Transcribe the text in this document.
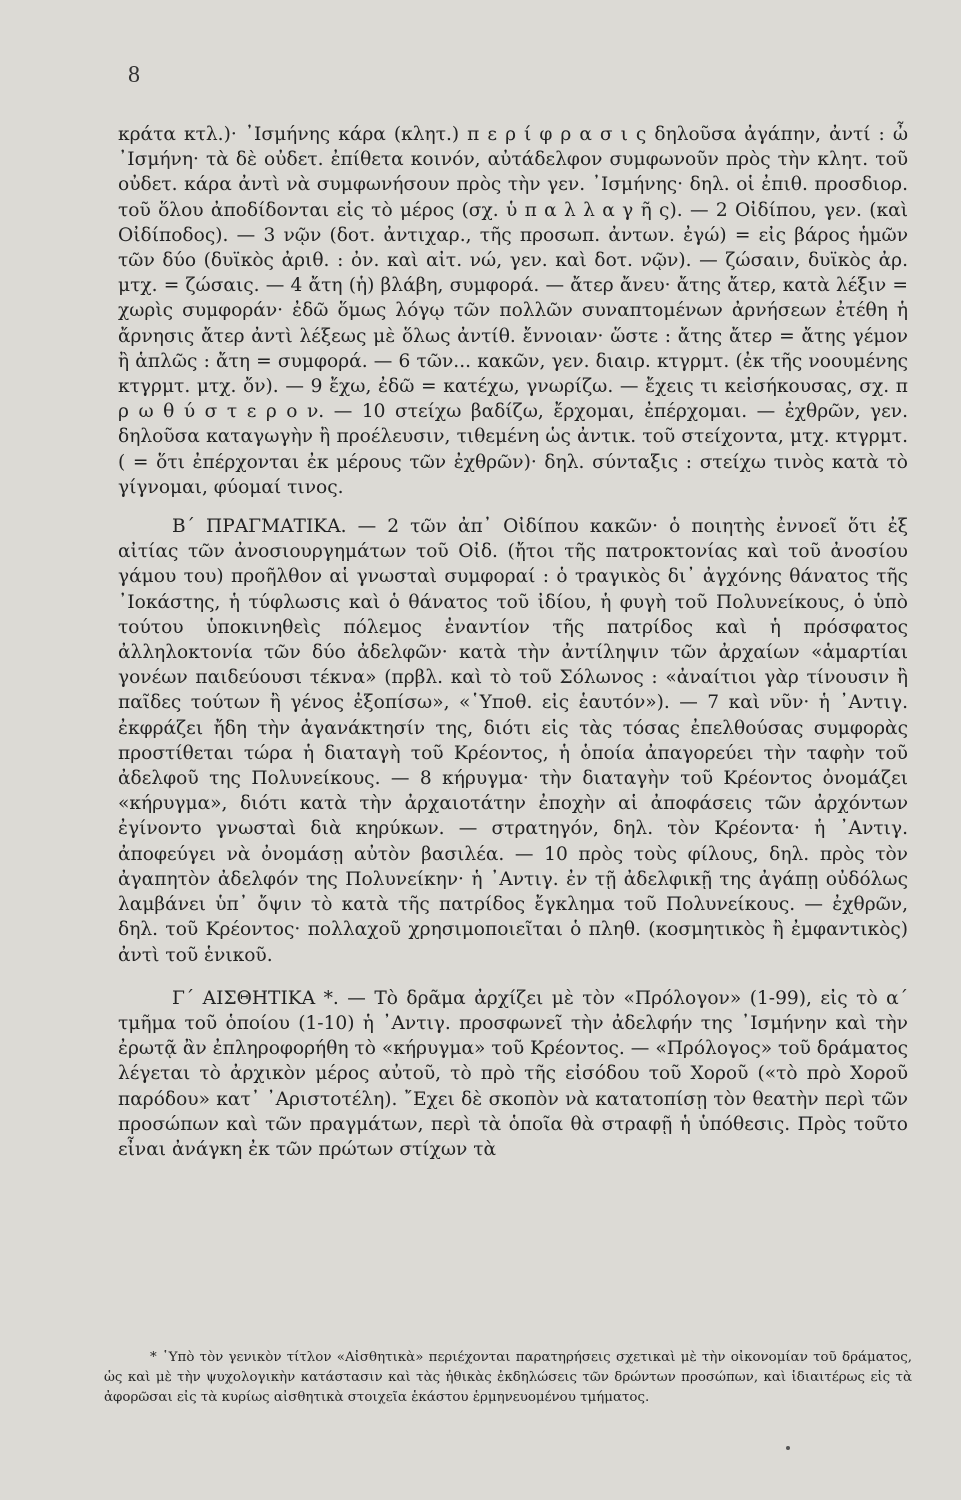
8

κράτα κτλ.)· ᾿Ισμήνης κάρα (κλητ.) π ε ρ ί φ ρ α σ ι ς δηλοῦσα ἀγάπην, ἀντί : ὦ ᾿Ισμήνη· τὰ δὲ οὐδετ. ἐπίθετα κοινόν, αὐτάδελφον συμφωνοῦν πρὸς τὴν κλητ. τοῦ οὐδετ. κάρα ἀντὶ νὰ συμφωνήσουν πρὸς τὴν γεν. ᾿Ισμήνης· δηλ. οἱ ἐπιθ. προσδιορ. τοῦ ὅλου ἀποδίδονται εἰς τὸ μέρος (σχ. ὑ π α λ λ α γ ῆ ς). — 2 Οἰδίπου, γεν. (καὶ Οἰδίποδος). — 3 νῷν (δοτ. ἀντιχαρ., τῆς προσωπ. ἀντων. ἐγώ) = εἰς βάρος ἡμῶν τῶν δύο (δυϊκὸς ἀριθ. : ὀν. καὶ αἰτ. νώ, γεν. καὶ δοτ. νῷν). — ζώσαιν, δυϊκὸς ἀρ. μτχ. = ζώσαις. — 4 ἄτη (ἡ) βλάβη, συμφορά. — ἄτερ ἄνευ· ἄτης ἄτερ, κατὰ λέξιν = χωρὶς συμφοράν· ἐδῶ ὅμως λόγῳ τῶν πολλῶν συναπτομένων ἀρνήσεων ἐτέθη ἡ ἄρνησις ἄτερ ἀντὶ λέξεως μὲ ὅλως ἀντίθ. ἔννοιαν· ὥστε : ἄτης ἄτερ = ἄτης γέμον ἢ ἁπλῶς : ἄτη = συμφορά. — 6 τῶν... κακῶν, γεν. διαιρ. κτγρμτ. (ἐκ τῆς νοουμένης κτγρμτ. μτχ. ὄν). — 9 ἔχω, ἐδῶ = κατέχω, γνωρίζω. — ἔχεις τι κεἰσήκουσας, σχ. π ρ ω θ ύ σ τ ε ρ ο ν. — 10 στείχω βαδίζω, ἔρχομαι, ἐπέρχομαι. — ἐχθρῶν, γεν. δηλοῦσα καταγωγὴν ἢ προέλευσιν, τιθεμένη ὡς ἀντικ. τοῦ στείχοντα, μτχ. κτγρμτ. ( = ὅτι ἐπέρχονται ἐκ μέρους τῶν ἐχθρῶν)· δηλ. σύνταξις : στείχω τινὸς κατὰ τὸ γίγνομαι, φύομαί τινος.

Β΄ ΠΡΑΓΜΑΤΙΚΑ. — 2 τῶν ἀπ᾿ Οἰδίπου κακῶν· ὁ ποιητὴς ἐννοεῖ ὅτι ἐξ αἰτίας τῶν ἀνοσιουργημάτων τοῦ Οἰδ. (ἤτοι τῆς πατροκτονίας καὶ τοῦ ἀνοσίου γάμου του) προῆλθον αἱ γνωσταὶ συμφοραί : ὁ τραγικὸς δι᾿ ἀγχόνης θάνατος τῆς ᾿Ιοκάστης, ἡ τύφλωσις καὶ ὁ θάνατος τοῦ ἰδίου, ἡ φυγὴ τοῦ Πολυνείκους, ὁ ὑπὸ τούτου ὑποκινηθεὶς πόλεμος ἐναντίον τῆς πατρίδος καὶ ἡ πρόσφατος ἀλληλοκτονία τῶν δύο ἀδελφῶν· κατὰ τὴν ἀντίληψιν τῶν ἀρχαίων «ἁμαρτίαι γονέων παιδεύουσι τέκνα» (πρβλ. καὶ τὸ τοῦ Σόλωνος : «ἀναίτιοι γὰρ τίνουσιν ἢ παῖδες τούτων ἢ γένος ἐξοπίσω», «῾Υποθ. εἰς ἑαυτόν»). — 7 καὶ νῦν· ἡ ᾿Αντιγ. ἐκφράζει ἤδη τὴν ἀγανάκτησίν της, διότι εἰς τὰς τόσας ἐπελθούσας συμφορὰς προστίθεται τώρα ἡ διαταγὴ τοῦ Κρέοντος, ἡ ὁποία ἀπαγορεύει τὴν ταφὴν τοῦ ἀδελφοῦ της Πολυνείκους. — 8 κήρυγμα· τὴν διαταγὴν τοῦ Κρέοντος ὀνομάζει «κήρυγμα», διότι κατὰ τὴν ἀρχαιοτάτην ἐποχὴν αἱ ἀποφάσεις τῶν ἀρχόντων ἐγίνοντο γνωσταὶ διὰ κηρύκων. — στρατηγόν, δηλ. τὸν Κρέοντα· ἡ ᾿Αντιγ. ἀποφεύγει νὰ ὀνομάσῃ αὐτὸν βασιλέα. — 10 πρὸς τοὺς φίλους, δηλ. πρὸς τὸν ἀγαπητὸν ἀδελφόν της Πολυνείκην· ἡ ᾿Αντιγ. ἐν τῇ ἀδελφικῇ της ἀγάπῃ οὐδόλως λαμβάνει ὑπ᾿ ὄψιν τὸ κατὰ τῆς πατρίδος ἔγκλημα τοῦ Πολυνείκους. — ἐχθρῶν, δηλ. τοῦ Κρέοντος· πολλαχοῦ χρησιμοποιεῖται ὁ πληθ. (κοσμητικὸς ἢ ἐμφαντικὸς) ἀντὶ τοῦ ἑνικοῦ.

Γ΄ ΑΙΣΘΗΤΙΚΑ *. — Τὸ δρᾶμα ἀρχίζει μὲ τὸν «Πρόλογον» (1-99), εἰς τὸ α΄ τμῆμα τοῦ ὁποίου (1-10) ἡ ᾿Αντιγ. προσφωνεῖ τὴν ἀδελφήν της ᾿Ισμήνην καὶ τὴν ἐρωτᾷ ἂν ἐπληροφορήθη τὸ «κήρυγμα» τοῦ Κρέοντος. — «Πρόλογος» τοῦ δράματος λέγεται τὸ ἀρχικὸν μέρος αὐτοῦ, τὸ πρὸ τῆς εἰσόδου τοῦ Χοροῦ («τὸ πρὸ Χοροῦ παρόδου» κατ᾿ ᾿Αριστοτέλη). ῎Εχει δὲ σκοπὸν νὰ κατατοπίσῃ τὸν θεατὴν περὶ τῶν προσώπων καὶ τῶν πραγμάτων, περὶ τὰ ὁποῖα θὰ στραφῇ ἡ ὑπόθεσις. Πρὸς τοῦτο εἶναι ἀνάγκη ἐκ τῶν πρώτων στίχων τὰ

* ῾Υπὸ τὸν γενικὸν τίτλον «Αἰσθητικὰ» περιέχονται παρατηρήσεις σχετικαὶ μὲ τὴν οἰκονομίαν τοῦ δράματος, ὡς καὶ μὲ τὴν ψυχολογικὴν κατάστασιν καὶ τὰς ἠθικὰς ἐκδηλώσεις τῶν δρώντων προσώπων, καὶ ἰδιαιτέρως εἰς τὰ ἀφορῶσαι εἰς τὰ κυρίως αἰσθητικὰ στοιχεῖα ἑκάστου ἑρμηνευομένου τμήματος.
